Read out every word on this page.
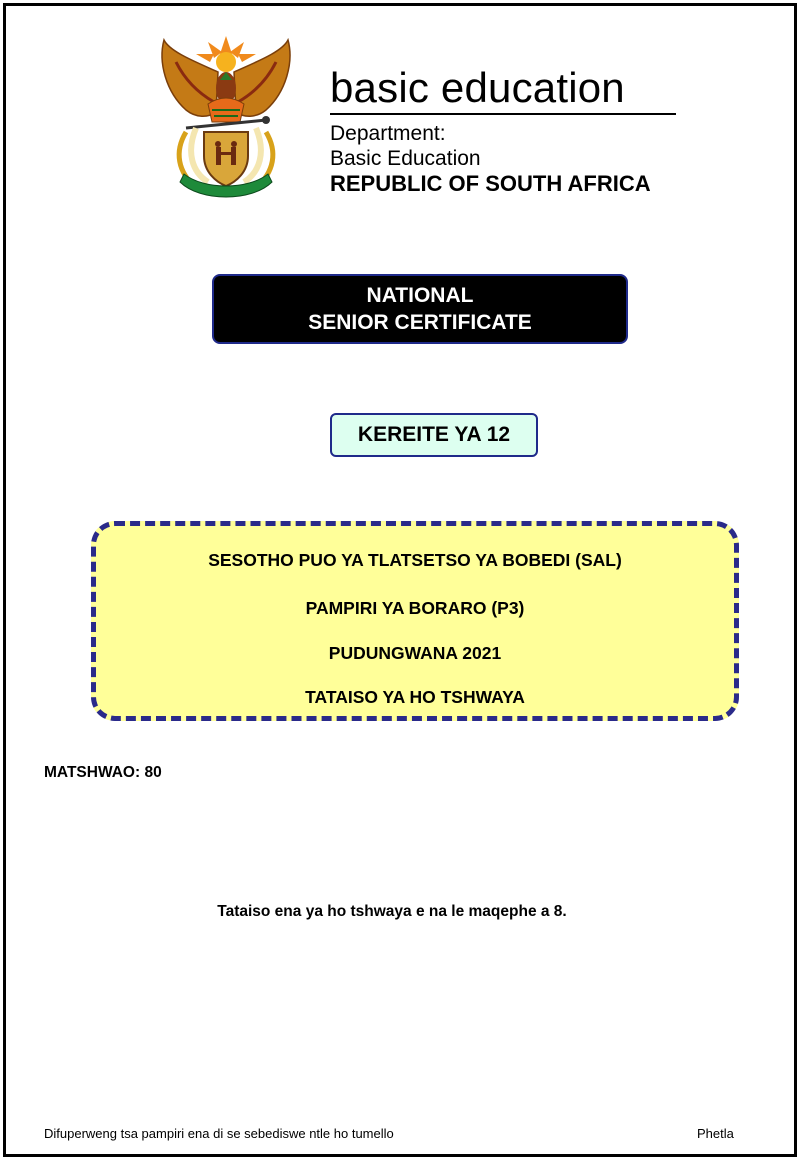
basic education
Department:
Basic Education
REPUBLIC OF SOUTH AFRICA
NATIONAL
SENIOR CERTIFICATE
KEREITE YA 12
SESOTHO PUO YA TLATSETSO YA BOBEDI (SAL)
PAMPIRI YA BORARO (P3)
PUDUNGWANA 2021
TATAISO YA HO TSHWAYA
MATSHWAO: 80
Tataiso ena ya ho tshwaya e na le maqephe a 8.
Difuperweng tsa pampiri ena di se sebediswe ntle ho tumello	Phetla
